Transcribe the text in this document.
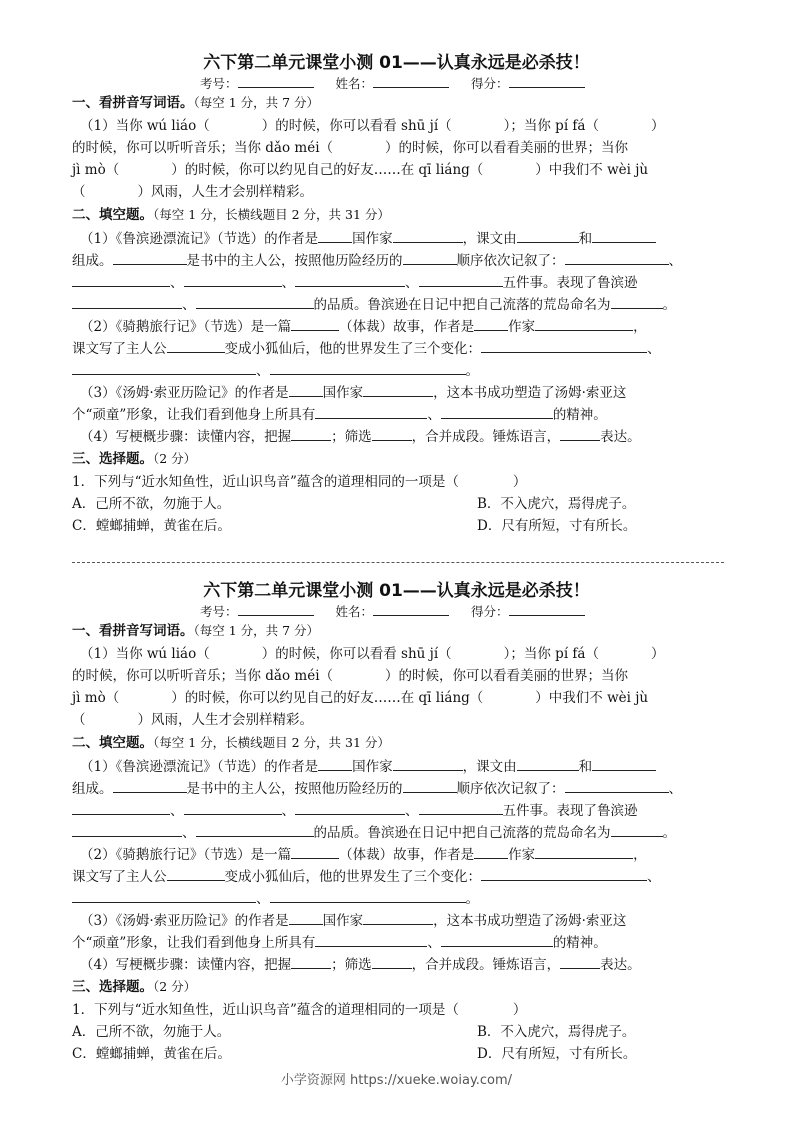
六下第二单元课堂小测 01——认真永远是必杀技！
考号：	姓名：	得分：
一、看拼音写词语。（每空 1 分，共 7 分）
（1）当你 wú liáo（	）的时候，你可以看看 shū jí（	）；当你 pí fá（	）
的时候，你可以听听音乐；当你 dǎo méi（	）的时候，你可以看看美丽的世界；当你
jì mò（	）的时候，你可以约见自己的好友……在 qī liáng（	）中我们不 wèi jù
（	）风雨，人生才会别样精彩。
二、填空题。（每空 1 分，长横线题目 2 分，共 31 分）
（1）《鲁滨逊漂流记》（节选）的作者是	国作家	，课文由	和
组成。	是书中的主人公，按照他历险经历的	顺序依次记叙了：	、
、	、	、	五件事。表现了鲁滨逊
、	的品质。鲁滨逊在日记中把自己流落的荒岛命名为	。
（2）《骑鹅旅行记》（节选）是一篇	（体裁）故事，作者是	作家	，
课文写了主人公	变成小狐仙后，他的世界发生了三个变化：	、
、	。
（3）《汤姆·索亚历险记》的作者是	国作家	，这本书成功塑造了汤姆·索亚这
个“顽童”形象，让我们看到他身上所具有	、	的精神。
（4）写梗概步骤：读懂内容，把握	；筛选	，合并成段。锤炼语言，	表达。
三、选择题。（2 分）
1．下列与“近水知鱼性，近山识鸟音”蕴含的道理相同的一项是（　　　　）
A．己所不欲，勿施于人。	B．不入虎穴，焉得虎子。
C．螳螂捕蝉，黄雀在后。	D．尺有所短，寸有所长。
六下第二单元课堂小测 01——认真永远是必杀技！
考号：	姓名：	得分：
一、看拼音写词语。（每空 1 分，共 7 分）
（1）当你 wú liáo（	）的时候，你可以看看 shū jí（	）；当你 pí fá（	）
的时候，你可以听听音乐；当你 dǎo méi（	）的时候，你可以看看美丽的世界；当你
jì mò（	）的时候，你可以约见自己的好友……在 qī liáng（	）中我们不 wèi jù
（	）风雨，人生才会别样精彩。
二、填空题。（每空 1 分，长横线题目 2 分，共 31 分）
（1）《鲁滨逊漂流记》（节选）的作者是	国作家	，课文由	和
组成。	是书中的主人公，按照他历险经历的	顺序依次记叙了：	、
、	、	、	五件事。表现了鲁滨逊
、	的品质。鲁滨逊在日记中把自己流落的荒岛命名为	。
（2）《骑鹅旅行记》（节选）是一篇	（体裁）故事，作者是	作家	，
课文写了主人公	变成小狐仙后，他的世界发生了三个变化：	、
、	。
（3）《汤姆·索亚历险记》的作者是	国作家	，这本书成功塑造了汤姆·索亚这
个“顽童”形象，让我们看到他身上所具有	、	的精神。
（4）写梗概步骤：读懂内容，把握	；筛选	，合并成段。锤炼语言，	表达。
三、选择题。（2 分）
1．下列与“近水知鱼性，近山识鸟音”蕴含的道理相同的一项是（　　　　）
A．己所不欲，勿施于人。	B．不入虎穴，焉得虎子。
C．螳螂捕蝉，黄雀在后。	D．尺有所短，寸有所长。
小学资源网 https://xueke.woiay.com/
